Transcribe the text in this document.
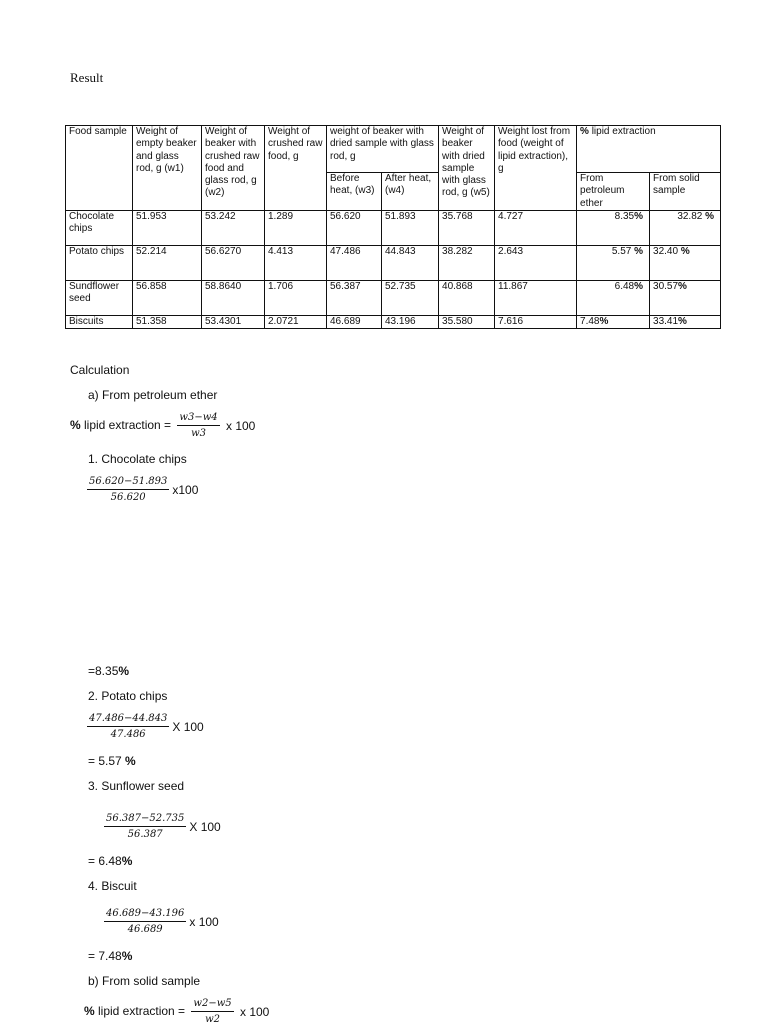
Result
Food sample	Weight of empty beaker and glass rod, g (w1)	Weight of beaker with crushed raw food and glass rod, g (w2)	Weight of crushed raw food, g	weight of beaker with dried sample with glass rod, g		Weight of beaker with dried sample with glass rod, g (w5)	Weight lost from food (weight of lipid extraction), g	% lipid extraction	
				Before heat, (w3)	After heat, (w4)			From petroleum ether	From solid sample
Chocolate chips	51.953	53.242	1.289	56.620	51.893	35.768	4.727	8.35%	32.82 %
Potato chips	52.214	56.6270	4.413	47.486	44.843	38.282	2.643	5.57 %	32.40 %
Sundflower seed	56.858	58.8640	1.706	56.387	52.735	40.868	11.867	6.48%	30.57%
Biscuits	51.358	53.4301	2.0721	46.689	43.196	35.580	7.616	7.48%	33.41%
Calculation
a) From petroleum ether
% lipid extraction = $\frac{w3-w4}{w3}$ x 100
1. Chocolate chips
$\frac{56.620-51.893}{56.620} x100$
=8.35%
2. Potato chips
$\frac{47.486-44.843}{47.486}$ X 100
= 5.57 %
3. Sunflower seed
$\frac{56.387-52.735}{56.387}$ X 100
= 6.48%
4. Biscuit
$\frac{46.689-43.196}{46.689}$ x 100
= 7.48%
b) From solid sample
% lipid extraction = $\frac{w2-w5}{w2}$ x 100
